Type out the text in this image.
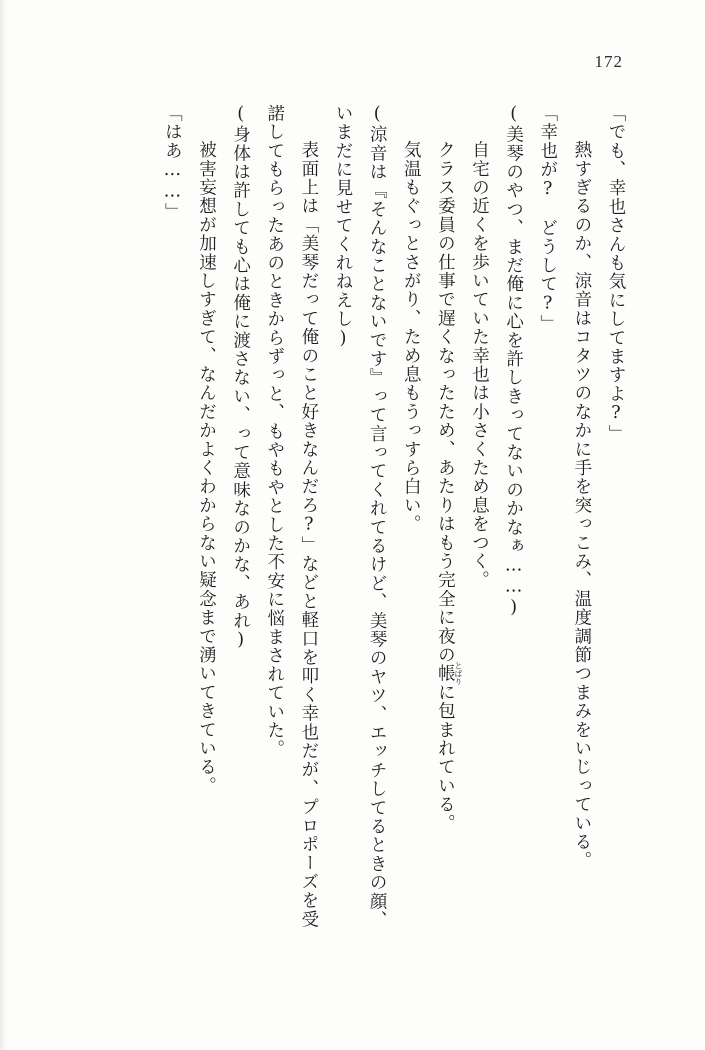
172

「でも、幸也さんも気にしてますよ?」

　熱すぎるのか、涼音はコタツのなかに手を突っこみ、温度調節つまみをいじっている。

「幸也が?　どうして?」

(美琴のやつ、まだ俺に心を許しきってないのかなぁ……)

　自宅の近くを歩いていた幸也は小さくため息をつく。

　クラス委員の仕事で遅くなったため、あたりはもう完全に夜の帳とばりに包まれている。

　気温もぐっとさがり、ため息もうっすら白い。

(涼音は『そんなことないです』って言ってくれてるけど、美琴のヤツ、エッチしてるときの顔、いまだに見せてくれねえし)

　表面上は「美琴だって俺のこと好きなんだろ?」などと軽口を叩く幸也だが、プロポーズを受諾してもらったあのときからずっと、もやもやとした不安に悩まされていた。

(身体は許しても心は俺に渡さない、って意味なのかな、あれ)

　被害妄想が加速しすぎて、なんだかよくわからない疑念まで湧いてきている。

「はあ……」
